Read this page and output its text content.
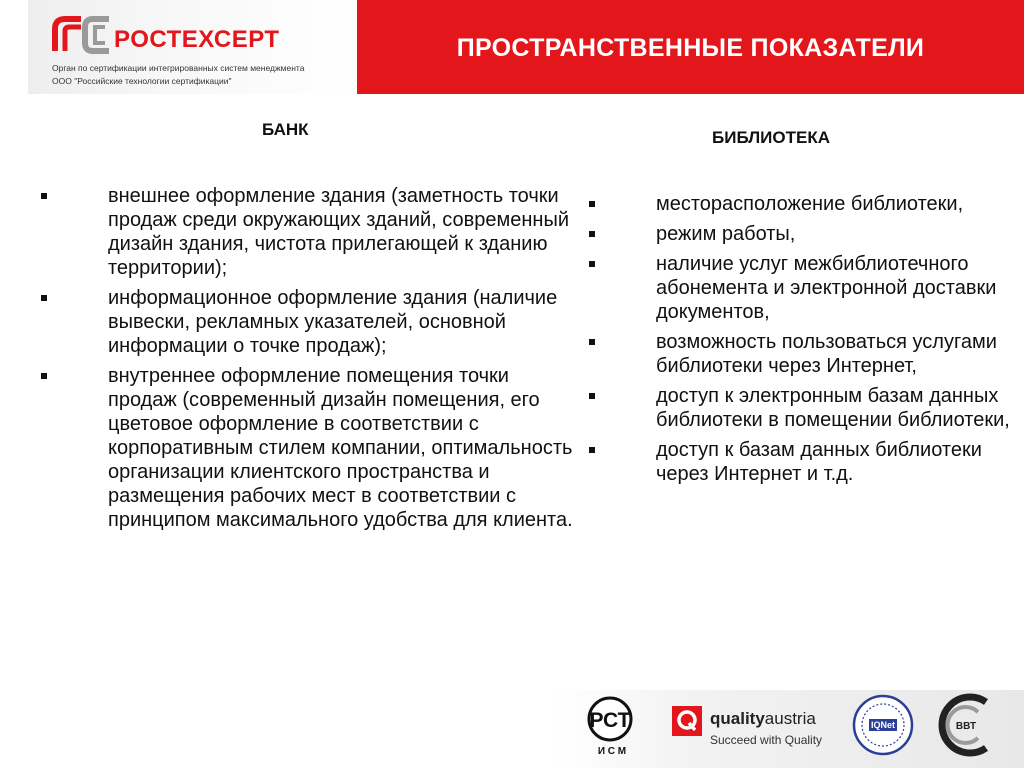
ПРОСТРАНСТВЕННЫЕ ПОКАЗАТЕЛИ
РОСТЕХСЕРТ
Орган по сертификации интегрированных систем менеджмента
ООО "Российские технологии сертификации"
БАНК
внешнее оформление здания (заметность точки продаж среди окружающих зданий, современный дизайн здания, чистота прилегающей к зданию территории);
информационное оформление здания (наличие вывески, рекламных указателей, основной информации о точке продаж);
внутреннее оформление помещения точки продаж (современный дизайн помещения, его цветовое оформление в соответствии с корпоративным стилем компании, оптимальность организации клиентского пространства и размещения рабочих мест в соответствии с принципом максимального удобства для клиента.
БИБЛИОТЕКА
месторасположение библиотеки,
режим работы,
наличие услуг межбиблиотечного абонемента и электронной доставки документов,
возможность пользоваться услугами библиотеки через Интернет,
доступ к электронным базам данных библиотеки в помещении библиотеки,
доступ к базам данных библиотеки через Интернет и т.д.
РСТ
И С М
qualityaustria
Succeed with Quality
IQNet	ВВТ
